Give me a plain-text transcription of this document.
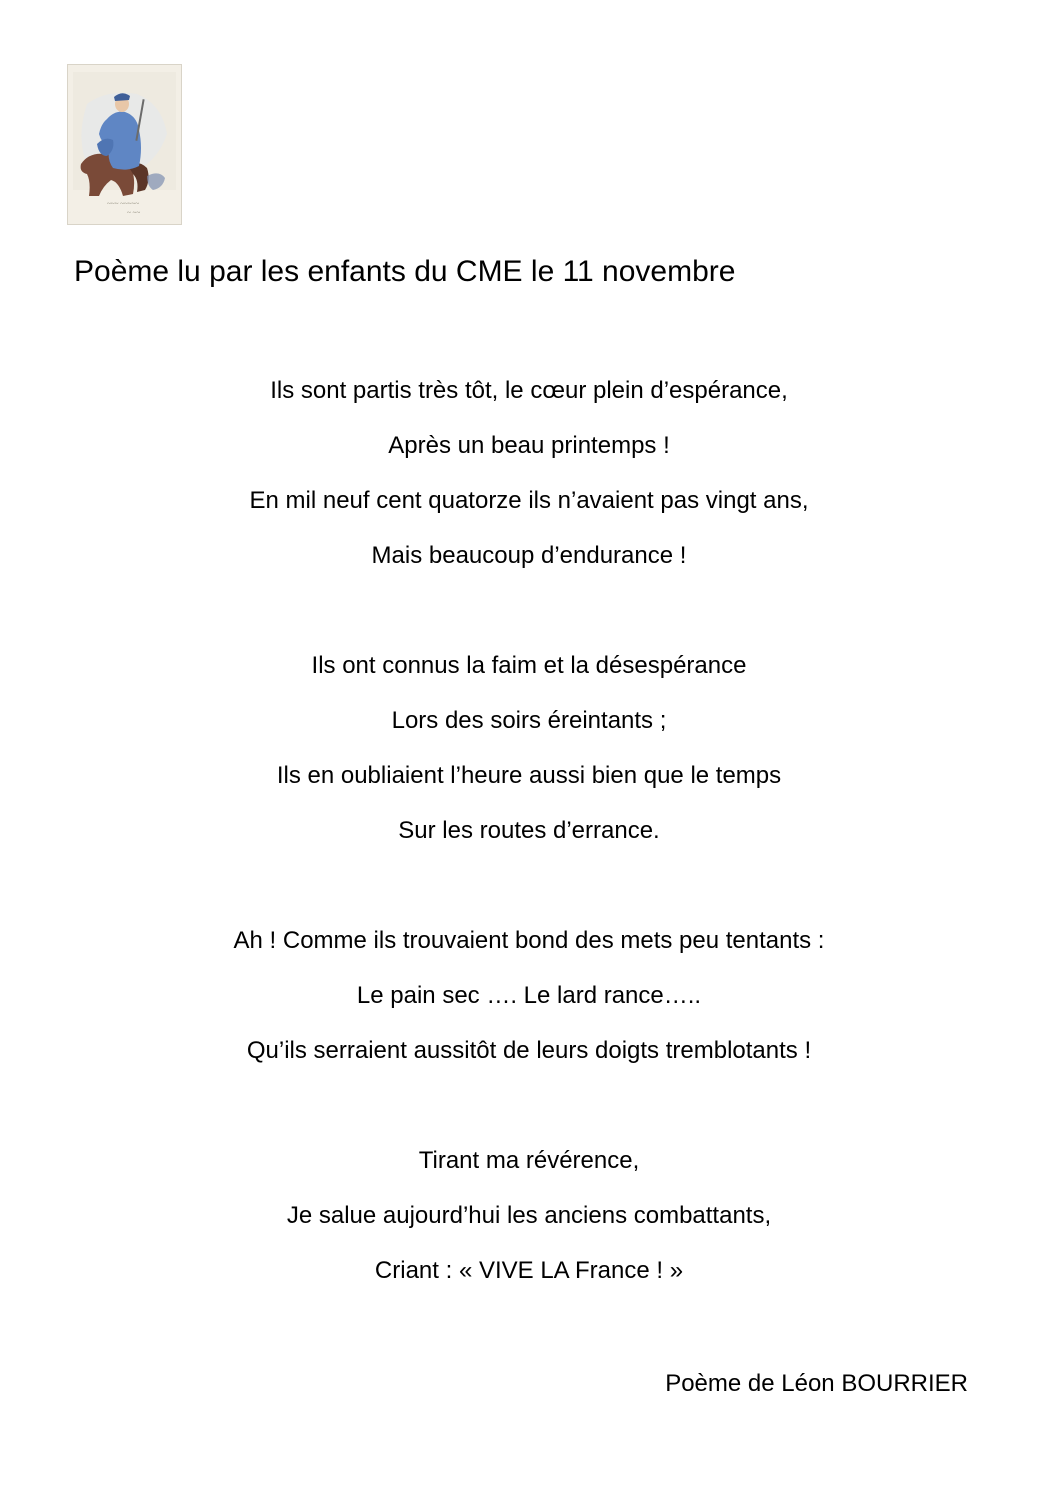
~~~ ~~~~~
~ ~~
Poème lu par les enfants du CME le 11 novembre
Ils sont partis très tôt, le cœur plein d’espérance,
Après un beau printemps !
En mil neuf cent quatorze ils n’avaient pas vingt ans,
Mais beaucoup d’endurance !
Ils ont connus la faim et la désespérance
Lors des soirs éreintants ;
Ils en oubliaient l’heure aussi bien que le temps
Sur les routes d’errance.
Ah ! Comme ils trouvaient bond des mets peu tentants :
Le pain sec …. Le lard rance…..
Qu’ils serraient aussitôt de leurs doigts tremblotants !
Tirant ma révérence,
Je salue aujourd’hui les anciens combattants,
Criant : « VIVE LA France ! »
Poème de Léon BOURRIER
